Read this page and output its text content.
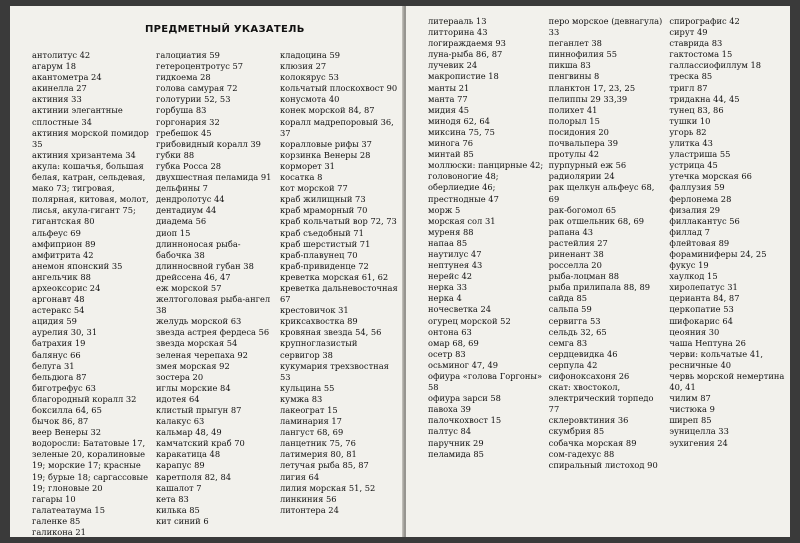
ПРЕДМЕТНЫЙ УКАЗАТЕЛЬ

антолитус 42

агарум 18

акантометра 24

акинелла 27

актиния 33

актинии элегантные сплостные 34

актиния морской помидор 35

актиния хризантема 34

акула: кошачья, большая белая, катран, сельдевая, мако 73; тигровая, полярная, китовая, молот, лисья, акула-гигант 75; гигантская 80

альфеус 69

амфиприон 89

амфитрита 42

анемон японский 35

ангельчик 88

археоксорис 24

аргонавт 48

астеракс 54

ацидия 59

аурелия 30, 31

батрахия 19

балянус 66

белуга 31

бельдюга 87

биготрефус 63

благородный коралл 32

боксилла 64, 65

бычок 86, 87

веер Венеры 32

водоросли: Бататовые 17, зеленые 20, коралиновые 19; морские 17; красные 19; бурые 18; саргассовые 19; глоновые 20

гагары 10

галатеатаума 15

галенке 85

галикона 21

галоциатия 59

гетероцентротус 57

гидкоема 28

голова самурая 72

голотурии 52, 53

горбуша 83

горгонария 32

гребешок 45

грибовидный коралл 39

губки 88

губка Росса 28

двухшестная пеламида 91

дельфины 7

дендролотус 44

дентадиум 44

диадема 56

диоп 15

длинноносая рыба-бабочка 38

длинносвной губан 38

дрейссена 46, 47

еж морской 57

желтоголовая рыба-ангел 38

желудь морской 63

звезда астрея фердеса 56

звезда морская 54

зеленая черепаха 92

змея морская 92

зостера 20

иглы морские 84

идотея 64

клистый прыгун 87

калакус 63

кальмар 48, 49

камчатский краб 70

каракатица 48

карапус 89

каретполя 82, 84

кашалот 7

кета 83

килька 85

кит синий 6

кладоцина 59

клюзия 27

колокярус 53

кольчатый плоскохвост 90

конусмота 40

конек морской 84, 87

коралл мадрепоровый 36, 37

коралловые рифы 37

корзинка Венеры 28

корморет 31

косатка 8

кот морской 77

краб жилищный 73

краб мраморный 70

краб кольчатый вор 72, 73

краб съедобный 71

краб шерстистый 71

краб-плавунец 70

краб-привиденце 72

креветка морская 61, 62

креветка дальневосточная 67

крестовичок 31

криксахвостка 89

кровяная звезда 54, 56

крупноглазистый сервигор 38

кукумария трехзвостная 53

кульцина 55

кумжа 83

лакеограт 15

ламинария 17

лангуст 68, 69

ланцетник 75, 76

латимерия 80, 81

летучая рыба 85, 87

лигия 64

лилия морская 51, 52

линкиния 56

литонтера 24

литерааль 13

литторина 43

логираждаемя 93

луна-рыба 86, 87

лучевик 24

макропистие 18

манты 21

манта 77

мидия 45

минодя 62, 64

миксина 75, 75

минога 76

минтай 85

моллюски: панцирные 42; головоногие 48; оберлиедие 46; престнодные 47

морж 5

морская сол 31

муреня 88

напаа 85

наутилус 47

нептунея 43

нерейс 42

нерка 33

нерка 4

ночесветка 24

огурец морской 52

онтона 63

омар 68, 69

осетр 83

осьминог 47, 49

офиура «голова Горгоны» 58

офиура зарси 58

павоха 39

палочкохвост 15

палтус 84

паручник 29

пеламида 85

перо морское (девнагула) 33

пеганлет 38

пиннофилия 55

пикша 83

пенгвины 8

планктон 17, 23, 25

пелиппы 29 33,39

полихет 41

полорыл 15

посидония 20

почвальпера 39

протулы 42

пурпурный еж 56

радиолярии 24

рак щелкун альфеус 68, 69

рак-богомол 65

рак отшельник 68, 69

рапана 43

растейлия 27

риненант 38

росселла 20

рыба-лоцман 88

рыба прилипала 88, 89

сайда 85

сальпа 59

сервигга 53

сельдь 32, 65

семга 83

сердцевидка 46

серпула 42

сифоноксахоня 26

скат: хвостокол, электрический торпедо 77

склеровктиния 36

скумбрия 85

собачка морская 89

сом-гадехус 88

спиральный листоход 90

спирографис 42

сирут 49

ставрида 83

гактостома 15

галлассиофиллум 18

треска 85

тригл 87

тридакна 44, 45

тунец 83, 86

тушки 10

угорь 82

улитка 43

уластриша 55

устрица 45

утечка морская 66

фаллузия 59

ферлонема 28

физалия 29

филлакантус 56

филлад 7

флейтовая 89

фораминиферы 24, 25

фукус 19

хаулкод 15

хиролепатус 31

церианта 84, 87

церкопатие 53

шифокарис 64

цеояния 30

чаша Нептуна 26

черви: кольчатые 41, ресничные 40

червь морской немертина 40, 41

чилим 87

чистюка 9

ширеп 85

эуницелла 33

эухигения 24
